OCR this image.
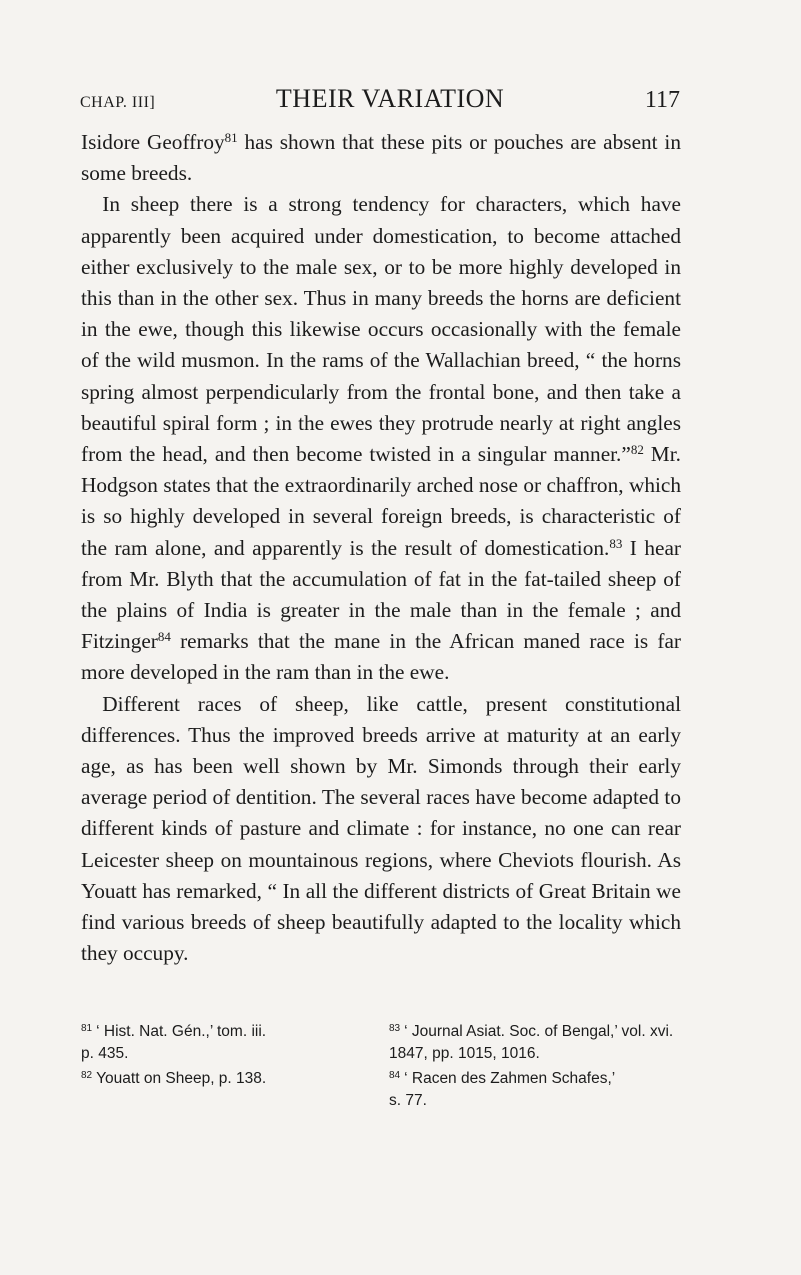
CHAP. III]	THEIR VARIATION	117

Isidore Geoffroy$^{81}$ has shown that these pits or pouches are absent in some breeds.

In sheep there is a strong tendency for characters, which have apparently been acquired under domestication, to become attached either exclusively to the male sex, or to be more highly developed in this than in the other sex. Thus in many breeds the horns are deficient in the ewe, though this likewise occurs occasionally with the female of the wild musmon. In the rams of the Wallachian breed, “ the horns spring almost perpendicularly from the frontal bone, and then take a beautiful spiral form ; in the ewes they protrude nearly at right angles from the head, and then become twisted in a singular manner.”$^{82}$ Mr. Hodgson states that the extraordinarily arched nose or chaffron, which is so highly developed in several foreign breeds, is characteristic of the ram alone, and apparently is the result of domestication.$^{83}$ I hear from Mr. Blyth that the accumulation of fat in the fat-tailed sheep of the plains of India is greater in the male than in the female ; and Fitzinger$^{84}$ remarks that the mane in the African maned race is far more developed in the ram than in the ewe.

Different races of sheep, like cattle, present constitutional differences. Thus the improved breeds arrive at maturity at an early age, as has been well shown by Mr. Simonds through their early average period of dentition. The several races have become adapted to different kinds of pasture and climate : for instance, no one can rear Leicester sheep on mountainous regions, where Cheviots flourish. As Youatt has remarked, “ In all the different districts of Great Britain we find various breeds of sheep beautifully adapted to the locality which they occupy.

$^{81}$ ‘ Hist. Nat. Gén.,’ tom. iii.

p. 435.

$^{82}$ Youatt on Sheep, p. 138.

$^{83}$ ‘ Journal Asiat. Soc. of Bengal,’ vol. xvi. 1847, pp. 1015, 1016.

$^{84}$ ‘ Racen des Zahmen Schafes,’

s. 77.
